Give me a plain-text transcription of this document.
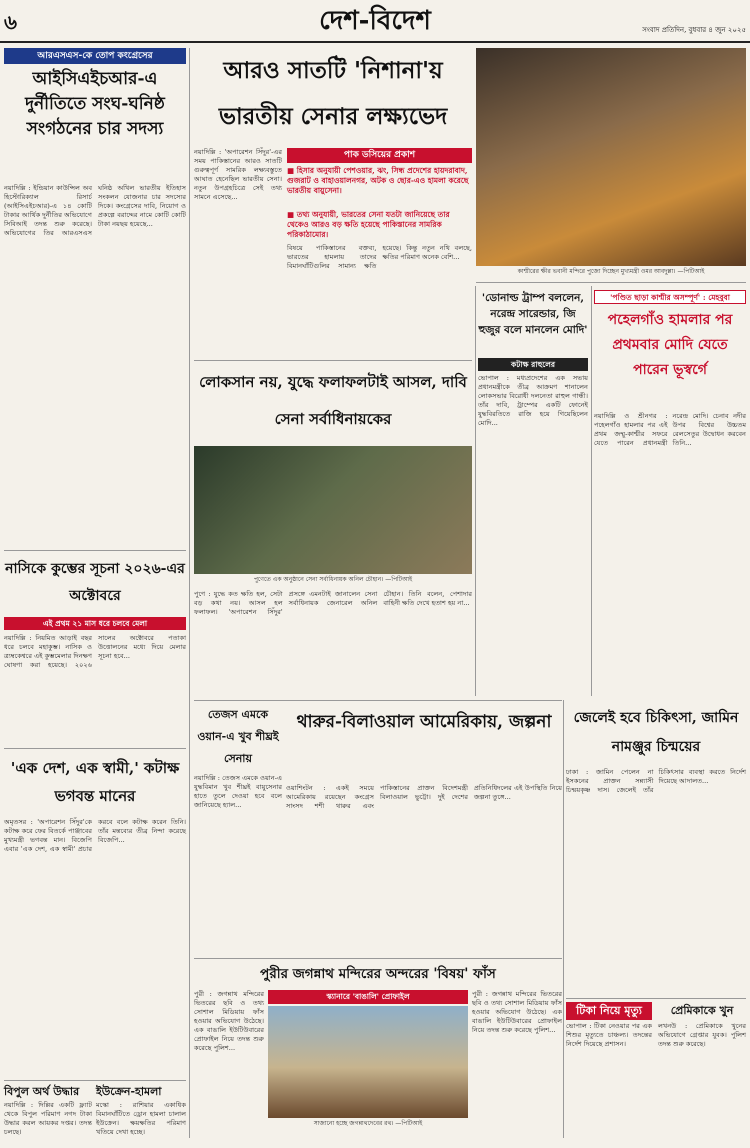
৬	দেশ-বিদেশ	সংবাদ প্রতিদিন, বুধবার ৪ জুন ২০২৫
আরএসএস-কে তোপ কংগ্রেসের
আইসিএইচআর-এ দুর্নীতিতে সংঘ-ঘনিষ্ঠ সংগঠনের চার সদস্য
নয়াদিল্লি : ইন্ডিয়ান কাউন্সিল অব হিস্টোরিক্যাল রিসার্চ (আইসিএইচআর)-এ ১৪ কোটি টাকার আর্থিক দুর্নীতির অভিযোগে সিবিআই তদন্ত শুরু করেছে। অভিযোগের তির আরএসএস ঘনিষ্ঠ অখিল ভারতীয় ইতিহাস সংকলন যোজনার চার সদস্যের দিকে। কংগ্রেসের দাবি, নিয়োগ ও প্রকল্পে বরাদ্দের নামে কোটি কোটি টাকা নয়ছয় হয়েছে...
নাসিকে কুম্ভের সূচনা ২০২৬-এর অক্টোবরে
এই প্রথম ২১ মাস ধরে চলবে মেলা
নয়াদিল্লি : নিয়মিত আড়াই বছর ধরে চলবে মহাকুম্ভ। নাসিক ও ত্র্যম্বকেশ্বরে এই কুম্ভমেলার দিনক্ষণ ঘোষণা করা হয়েছে। ২০২৬ সালের অক্টোবরে পতাকা উত্তোলনের মধ্যে দিয়ে মেলার সূচনা হবে...
'এক দেশ, এক স্বামী,' কটাক্ষ ভগবন্ত মানের
অমৃতসর : 'অপারেশন সিঁদুর'কে কটাক্ষ করে ফের বিতর্কে পাঞ্জাবের মুখ্যমন্ত্রী ভগবন্ত মান। বিজেপি এবার 'এক দেশ, এক স্বামী' প্রচার করবে বলে কটাক্ষ করেন তিনি। তাঁর মন্তব্যের তীব্র নিন্দা করেছে বিজেপি...
বিপুল অর্থ উদ্ধার
নয়াদিল্লি : দিল্লির একটি ফ্ল্যাট থেকে বিপুল পরিমাণ নগদ টাকা উদ্ধার করল আয়কর দপ্তর। তদন্ত চলছে।
ইউক্রেন-হামলা
মস্কো : রাশিয়ার একাধিক বিমানঘাঁটিতে ড্রোন হামলা চালাল ইউক্রেন। ক্ষয়ক্ষতির পরিমাণ খতিয়ে দেখা হচ্ছে।
আরও সাতটি 'নিশানা'য় ভারতীয় সেনার লক্ষ্যভেদ
নয়াদিল্লি : 'অপারেশন সিঁদুর'-এর সময় পাকিস্তানের আরও সাতটি গুরুত্বপূর্ণ সামরিক লক্ষ্যবস্তুতে আঘাত হেনেছিল ভারতীয় সেনা। নতুন উপগ্রহচিত্রে সেই তথ্য সামনে এসেছে...
পাক ডসিয়ের প্রকাশ
■ হিসার অনুযায়ী পেশওয়ার, ঝং, সিন্ধ প্রদেশের হায়দরাবাদ, গুজরাট ও বাহাওয়ালনগর, অটক ও ছোর-এও হামলা করেছে ভারতীয় বায়ুসেনা।
■ তথ্য অনুযায়ী, ভারতের সেনা যতটা জানিয়েছে তার থেকেও আরও বড় ক্ষতি হয়েছে পাকিস্তানের সামরিক পরিকাঠামোর।
বিষয়ে পাকিস্তানের বক্তব্য, ভারতের হামলায় তাদের বিমানঘাঁটিগুলির সামান্য ক্ষতি হয়েছে। কিন্তু নতুন নথি বলছে, ক্ষতির পরিমাণ অনেক বেশি...
কাশ্মীরের ক্ষীর ভবানী মন্দিরে পুজো দিচ্ছেন মুখ্যমন্ত্রী ওমর আবদুল্লা। —পিটিআই
'ডোনাল্ড ট্রাম্প বললেন, নরেন্দ্র সারেন্ডার, জি হুজুর বলে মানলেন মোদি'
কটাক্ষ রাহুলের
ভোপাল : মধ্যপ্রদেশের এক সভায় প্রধানমন্ত্রীকে তীব্র আক্রমণ শানালেন লোকসভার বিরোধী দলনেতা রাহুল গান্ধী। তাঁর দাবি, ট্রাম্পের একটি ফোনেই যুদ্ধবিরতিতে রাজি হয়ে গিয়েছিলেন মোদি...
'পণ্ডিত ছাড়া কাশ্মীর অসম্পূর্ণ' : মেহবুবা
পহেলগাঁও হামলার পর প্রথমবার মোদি যেতে পারেন ভূস্বর্গে
নয়াদিল্লি ও শ্রীনগর : পহেলগাঁও হামলার পর এই প্রথম জম্মু-কাশ্মীর সফরে যেতে পারেন প্রধানমন্ত্রী নরেন্দ্র মোদি। চেনাব নদীর উপর বিশ্বের উচ্চতম রেলসেতুর উদ্বোধন করবেন তিনি...
লোকসান নয়, যুদ্ধে ফলাফলটাই আসল, দাবি সেনা সর্বাধিনায়কের
পুণেতে এক অনুষ্ঠানে সেনা সর্বাধিনায়ক অনিল চৌহান। —পিটিআই
পুণে : যুদ্ধে কত ক্ষতি হল, সেটা বড় কথা নয়। আসল হল ফলাফল। 'অপারেশন সিঁদুর' প্রসঙ্গে এমনটাই জানালেন সেনা সর্বাধিনায়ক জেনারেল অনিল চৌহান। তিনি বলেন, পেশাদার বাহিনী ক্ষতি দেখে হতাশ হয় না...
তেজস এমকে ওয়ান-এ খুব শীঘ্রই সেনায়
নয়াদিল্লি : তেজস এমকে ওয়ান-এ যুদ্ধবিমান খুব শীঘ্রই বায়ুসেনার হাতে তুলে দেওয়া হবে বলে জানিয়েছে হ্যাল...
থারুর-বিলাওয়াল আমেরিকায়, জল্পনা
ওয়াশিংটন : একই সময়ে আমেরিকায় রয়েছেন কংগ্রেস সাংসদ শশী থারুর এবং পাকিস্তানের প্রাক্তন বিদেশমন্ত্রী বিলাওয়াল ভুট্টো। দুই দেশের প্রতিনিধিদলের এই উপস্থিতি নিয়ে জল্পনা তুঙ্গে...
জেলেই হবে চিকিৎসা, জামিন নামঞ্জুর চিন্ময়ের
ঢাকা : জামিন পেলেন না ইসকনের প্রাক্তন সন্ন্যাসী চিন্ময়কৃষ্ণ দাস। জেলেই তাঁর চিকিৎসার ব্যবস্থা করতে নির্দেশ দিয়েছে আদালত...
পুরীর জগন্নাথ মন্দিরের অন্দরের 'বিষয়' ফাঁস
পুরী : জগন্নাথ মন্দিরের ভিতরের ছবি ও তথ্য সোশাল মিডিয়ায় ফাঁস হওয়ার অভিযোগ উঠেছে। এক বাঙালি ইউটিউবারের প্রোফাইল নিয়ে তদন্ত শুরু করেছে পুলিশ...
স্ক্যানারে 'বাঙালি' প্রোফাইল
সাজানো হচ্ছে জগন্নাথদেবের রথ। —পিটিআই
পুরী : জগন্নাথ মন্দিরের ভিতরের ছবি ও তথ্য সোশাল মিডিয়ায় ফাঁস হওয়ার অভিযোগ উঠেছে। এক বাঙালি ইউটিউবারের প্রোফাইল নিয়ে তদন্ত শুরু করেছে পুলিশ...
টিকা নিয়ে মৃত্যু
ভোপাল : টিকা নেওয়ার পর এক শিশুর মৃত্যুতে চাঞ্চল্য। তদন্তের নির্দেশ দিয়েছে প্রশাসন।
প্রেমিকাকে খুন
লখনউ : প্রেমিকাকে খুনের অভিযোগে গ্রেপ্তার যুবক। পুলিশ তদন্ত শুরু করেছে।
